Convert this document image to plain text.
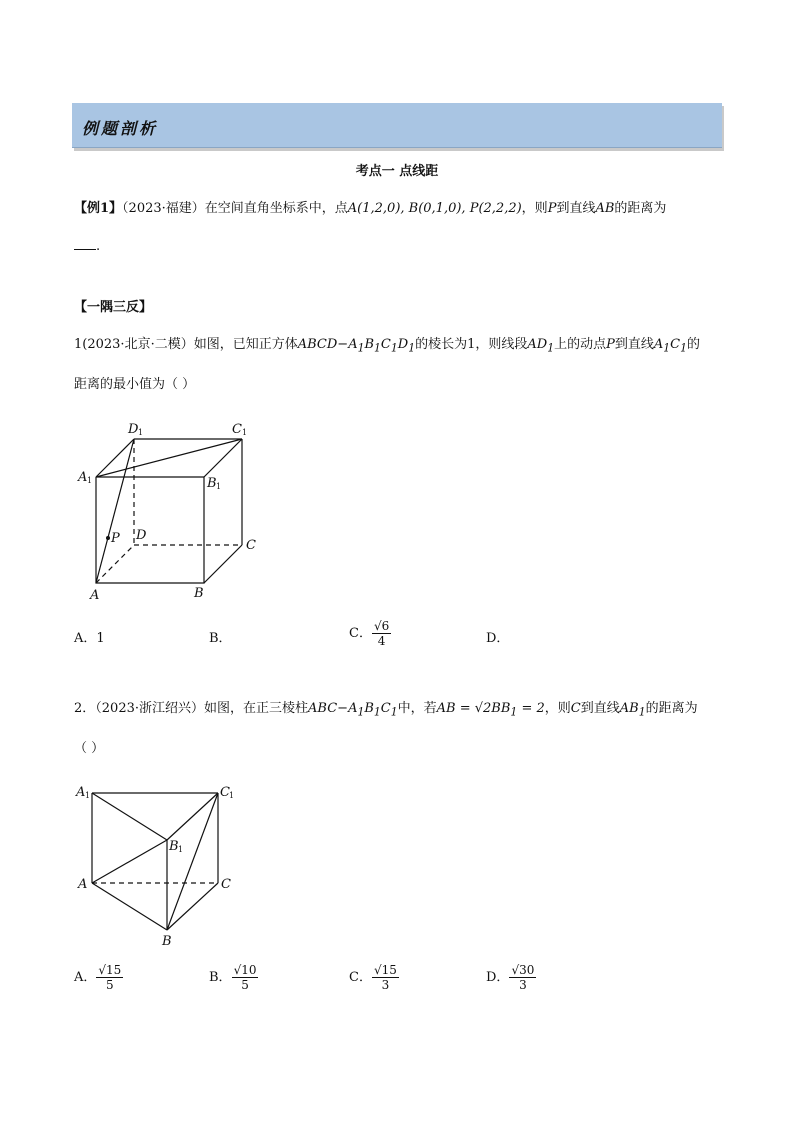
例题剖析
考点一 点线距
【例1】（2023·福建）在空间直角坐标系中，点A(1,2,0), B(0,1,0), P(2,2,2)，则P到直线AB的距离为
.
【一隅三反】
1(2023·北京·二模）如图，已知正方体$ABCD-A_1B_1C_1D_1$的棱长为1，则线段$AD_1$上的动点P到直线$A_1C_1$的
距离的最小值为（ ）
D 1	C 1
A 1	B 1
P D
C
A	B
A．1	B．	C． $\frac{√6}{4}$	D．
2．（2023·浙江绍兴）如图，在正三棱柱$ABC-A_1B_1C_1$中，若AB = $√2BB_1 = 2$，则C到直线$AB_1$的距离为
（ ）
A 1	C 1
B 1
A	C
B
A． $\frac{√15}{5}$	B． $\frac{√10}{5}$	C． $\frac{√15}{3}$	D． $\frac{√30}{3}$
